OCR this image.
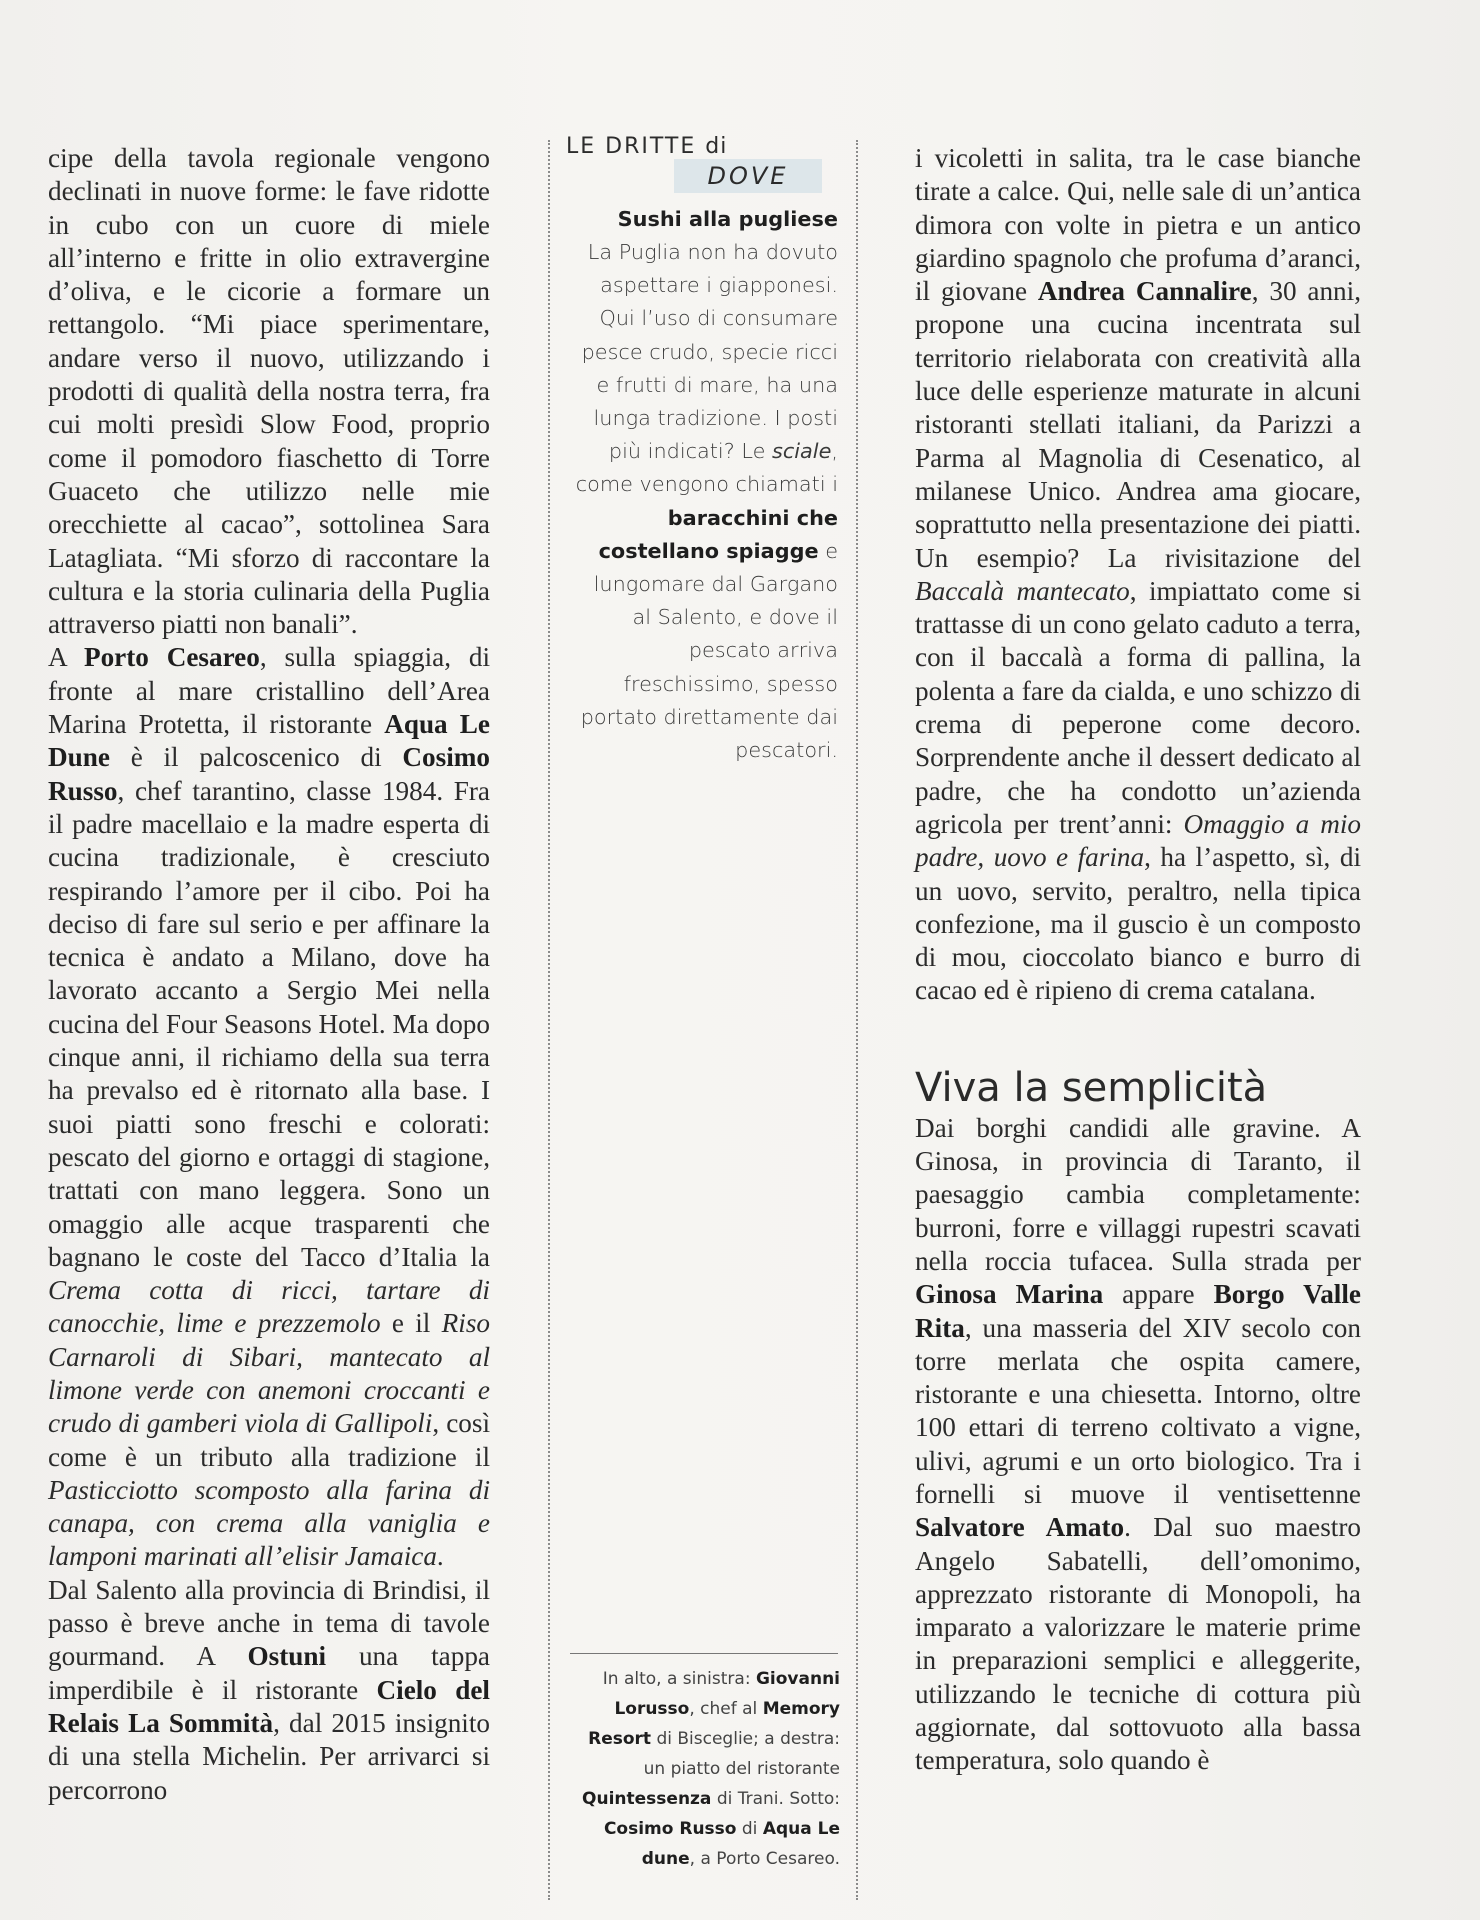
cipe della tavola regionale vengono declinati in nuove forme: le fave ridotte in cubo con un cuore di miele all’interno e fritte in olio extravergine d’oliva, e le cicorie a formare un rettangolo. “Mi piace sperimentare, andare verso il nuovo, utilizzando i prodotti di qualità della nostra terra, fra cui molti presìdi Slow Food, proprio come il pomodoro fiaschetto di Torre Guaceto che utilizzo nelle mie orecchiette al cacao”, sottolinea Sara Latagliata. “Mi sforzo di raccontare la cultura e la storia culinaria della Puglia attraverso piatti non banali”.

A Porto Cesareo, sulla spiaggia, di fronte al mare cristallino dell’Area Marina Protetta, il ristorante Aqua Le Dune è il palcoscenico di Cosimo Russo, chef tarantino, classe 1984. Fra il padre macellaio e la madre esperta di cucina tradizionale, è cresciuto respirando l’amore per il cibo. Poi ha deciso di fare sul serio e per affinare la tecnica è andato a Milano, dove ha lavorato accanto a Sergio Mei nella cucina del Four Seasons Hotel. Ma dopo cinque anni, il richiamo della sua terra ha prevalso ed è ritornato alla base. I suoi piatti sono freschi e colorati: pescato del giorno e ortaggi di stagione, trattati con mano leggera. Sono un omaggio alle acque trasparenti che bagnano le coste del Tacco d’Italia la Crema cotta di ricci, tartare di canocchie, lime e prezzemolo e il Riso Carnaroli di Sibari, mantecato al limone verde con anemoni croccanti e crudo di gamberi viola di Gallipoli, così come è un tributo alla tradizione il Pasticciotto scomposto alla farina di canapa, con crema alla vaniglia e lamponi marinati all’elisir Jamaica.

Dal Salento alla provincia di Brindisi, il passo è breve anche in tema di tavole gourmand. A Ostuni una tappa imperdibile è il ristorante Cielo del Relais La Sommità, dal 2015 insignito di una stella Michelin. Per arrivarci si percorrono

LE DRITTE di
DOVE
Sushi alla pugliese
La Puglia non ha dovuto aspettare i giapponesi. Qui l’uso di consumare pesce crudo, specie ricci e frutti di mare, ha una lunga tradizione. I posti più indicati? Le sciale, come vengono chiamati i baracchini che costellano spiagge e lungomare dal Gargano al Salento, e dove il pescato arriva freschissimo, spesso portato direttamente dai pescatori.
In alto, a sinistra: Giovanni Lorusso, chef al Memory Resort di Bisceglie; a destra: un piatto del ristorante Quintessenza di Trani. Sotto: Cosimo Russo di Aqua Le dune, a Porto Cesareo.

i vicoletti in salita, tra le case bianche tirate a calce. Qui, nelle sale di un’antica dimora con volte in pietra e un antico giardino spagnolo che profuma d’aranci, il giovane Andrea Cannalire, 30 anni, propone una cucina incentrata sul territorio rielaborata con creatività alla luce delle esperienze maturate in alcuni ristoranti stellati italiani, da Parizzi a Parma al Magnolia di Cesenatico, al milanese Unico. Andrea ama giocare, soprattutto nella presentazione dei piatti. Un esempio? La rivisitazione del Baccalà mantecato, impiattato come si trattasse di un cono gelato caduto a terra, con il baccalà a forma di pallina, la polenta a fare da cialda, e uno schizzo di crema di peperone come decoro. Sorprendente anche il dessert dedicato al padre, che ha condotto un’azienda agricola per trent’anni: Omaggio a mio padre, uovo e farina, ha l’aspetto, sì, di un uovo, servito, peraltro, nella tipica confezione, ma il guscio è un composto di mou, cioccolato bianco e burro di cacao ed è ripieno di crema catalana.

Viva la semplicità

Dai borghi candidi alle gravine. A Ginosa, in provincia di Taranto, il paesaggio cambia completamente: burroni, forre e villaggi rupestri scavati nella roccia tufacea. Sulla strada per Ginosa Marina appare Borgo Valle Rita, una masseria del XIV secolo con torre merlata che ospita camere, ristorante e una chiesetta. Intorno, oltre 100 ettari di terreno coltivato a vigne, ulivi, agrumi e un orto biologico. Tra i fornelli si muove il ventisettenne Salvatore Amato. Dal suo maestro Angelo Sabatelli, dell’omonimo, apprezzato ristorante di Monopoli, ha imparato a valorizzare le materie prime in preparazioni semplici e alleggerite, utilizzando le tecniche di cottura più aggiornate, dal sottovuoto alla bassa temperatura, solo quando è
